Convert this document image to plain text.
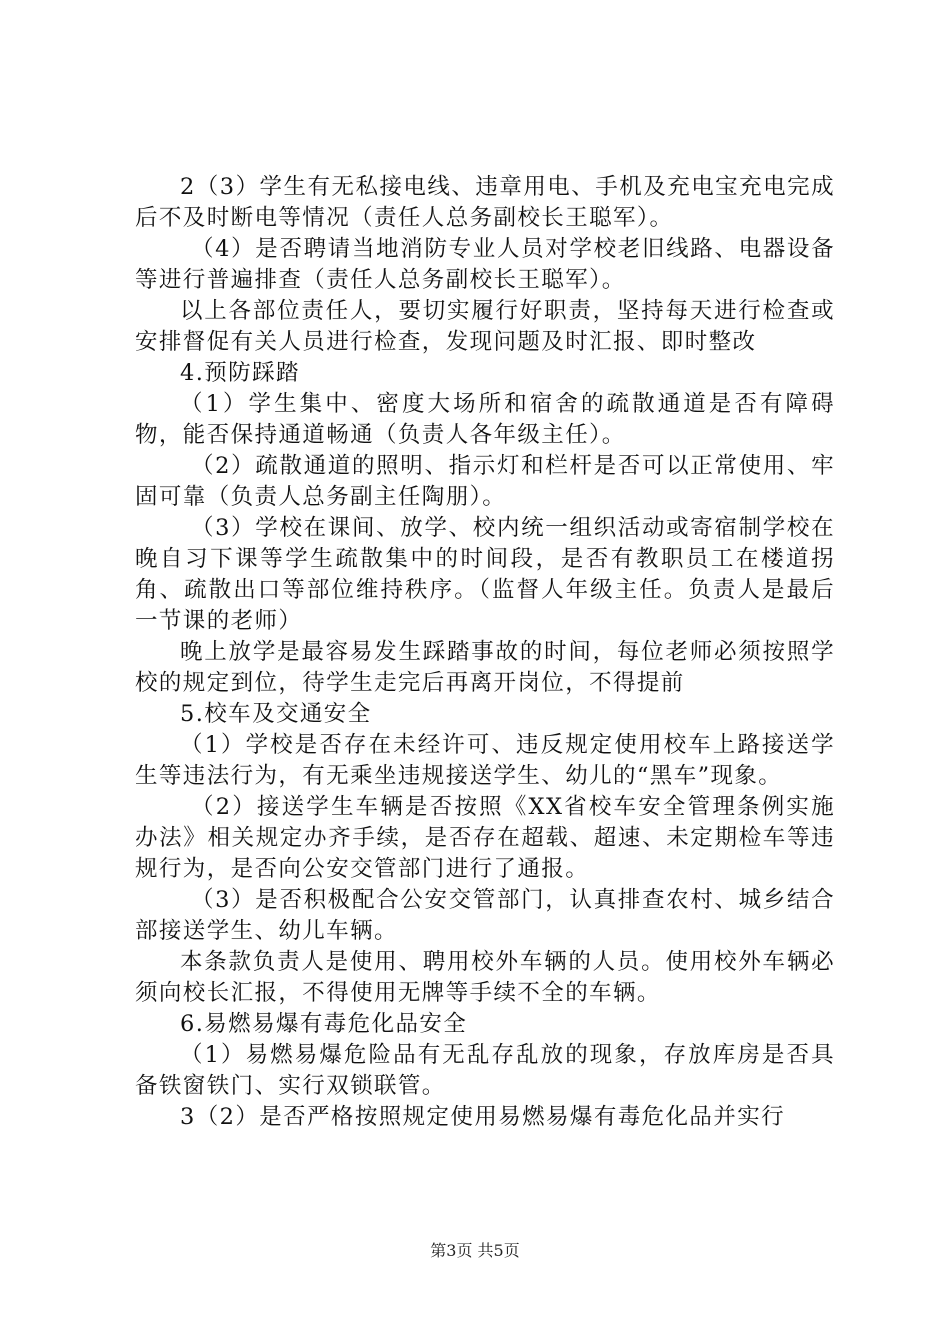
2（3）学生有无私接电线、违章用电、手机及充电宝充电完成后不及时断电等情况（责任人总务副校长王聪军）。

（4）是否聘请当地消防专业人员对学校老旧线路、电器设备等进行普遍排查（责任人总务副校长王聪军）。

以上各部位责任人，要切实履行好职责，坚持每天进行检查或安排督促有关人员进行检查，发现问题及时汇报、即时整改

4.预防踩踏

（1）学生集中、密度大场所和宿舍的疏散通道是否有障碍物，能否保持通道畅通（负责人各年级主任）。

（2）疏散通道的照明、指示灯和栏杆是否可以正常使用、牢固可靠（负责人总务副主任陶朋）。

（3）学校在课间、放学、校内统一组织活动或寄宿制学校在晚自习下课等学生疏散集中的时间段，是否有教职员工在楼道拐角、疏散出口等部位维持秩序。（监督人年级主任。负责人是最后一节课的老师）

晚上放学是最容易发生踩踏事故的时间，每位老师必须按照学校的规定到位，待学生走完后再离开岗位，不得提前

5.校车及交通安全

（1）学校是否存在未经许可、违反规定使用校车上路接送学生等违法行为，有无乘坐违规接送学生、幼儿的“黑车”现象。

（2）接送学生车辆是否按照《XX省校车安全管理条例实施办法》相关规定办齐手续，是否存在超载、超速、未定期检车等违规行为，是否向公安交管部门进行了通报。

（3）是否积极配合公安交管部门，认真排查农村、城乡结合部接送学生、幼儿车辆。

本条款负责人是使用、聘用校外车辆的人员。使用校外车辆必须向校长汇报，不得使用无牌等手续不全的车辆。

6.易燃易爆有毒危化品安全

（1）易燃易爆危险品有无乱存乱放的现象，存放库房是否具备铁窗铁门、实行双锁联管。

3（2）是否严格按照规定使用易燃易爆有毒危化品并实行

第3页 共5页
